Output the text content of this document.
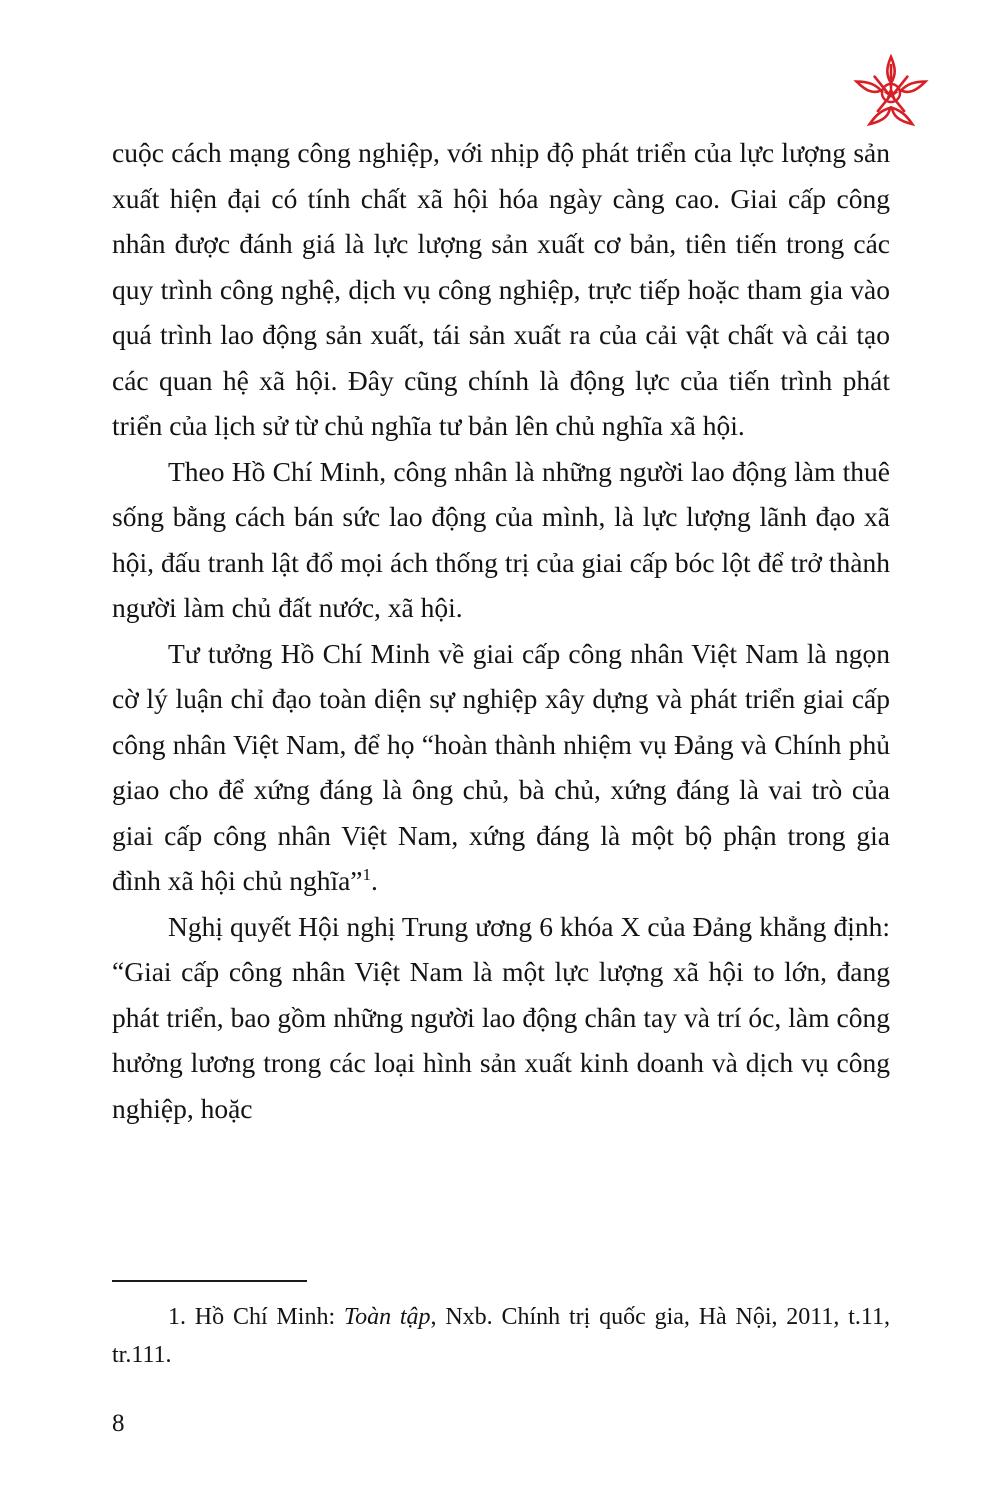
cuộc cách mạng công nghiệp, với nhịp độ phát triển của lực lượng sản xuất hiện đại có tính chất xã hội hóa ngày càng cao. Giai cấp công nhân được đánh giá là lực lượng sản xuất cơ bản, tiên tiến trong các quy trình công nghệ, dịch vụ công nghiệp, trực tiếp hoặc tham gia vào quá trình lao động sản xuất, tái sản xuất ra của cải vật chất và cải tạo các quan hệ xã hội. Đây cũng chính là động lực của tiến trình phát triển của lịch sử từ chủ nghĩa tư bản lên chủ nghĩa xã hội.

Theo Hồ Chí Minh, công nhân là những người lao động làm thuê sống bằng cách bán sức lao động của mình, là lực lượng lãnh đạo xã hội, đấu tranh lật đổ mọi ách thống trị của giai cấp bóc lột để trở thành người làm chủ đất nước, xã hội.

Tư tưởng Hồ Chí Minh về giai cấp công nhân Việt Nam là ngọn cờ lý luận chỉ đạo toàn diện sự nghiệp xây dựng và phát triển giai cấp công nhân Việt Nam, để họ “hoàn thành nhiệm vụ Đảng và Chính phủ giao cho để xứng đáng là ông chủ, bà chủ, xứng đáng là vai trò của giai cấp công nhân Việt Nam, xứng đáng là một bộ phận trong gia đình xã hội chủ nghĩa”$^1$.

Nghị quyết Hội nghị Trung ương 6 khóa X của Đảng khẳng định: “Giai cấp công nhân Việt Nam là một lực lượng xã hội to lớn, đang phát triển, bao gồm những người lao động chân tay và trí óc, làm công hưởng lương trong các loại hình sản xuất kinh doanh và dịch vụ công nghiệp, hoặc

1. Hồ Chí Minh: Toàn tập, Nxb. Chính trị quốc gia, Hà Nội, 2011, t.11, tr.111.

8
